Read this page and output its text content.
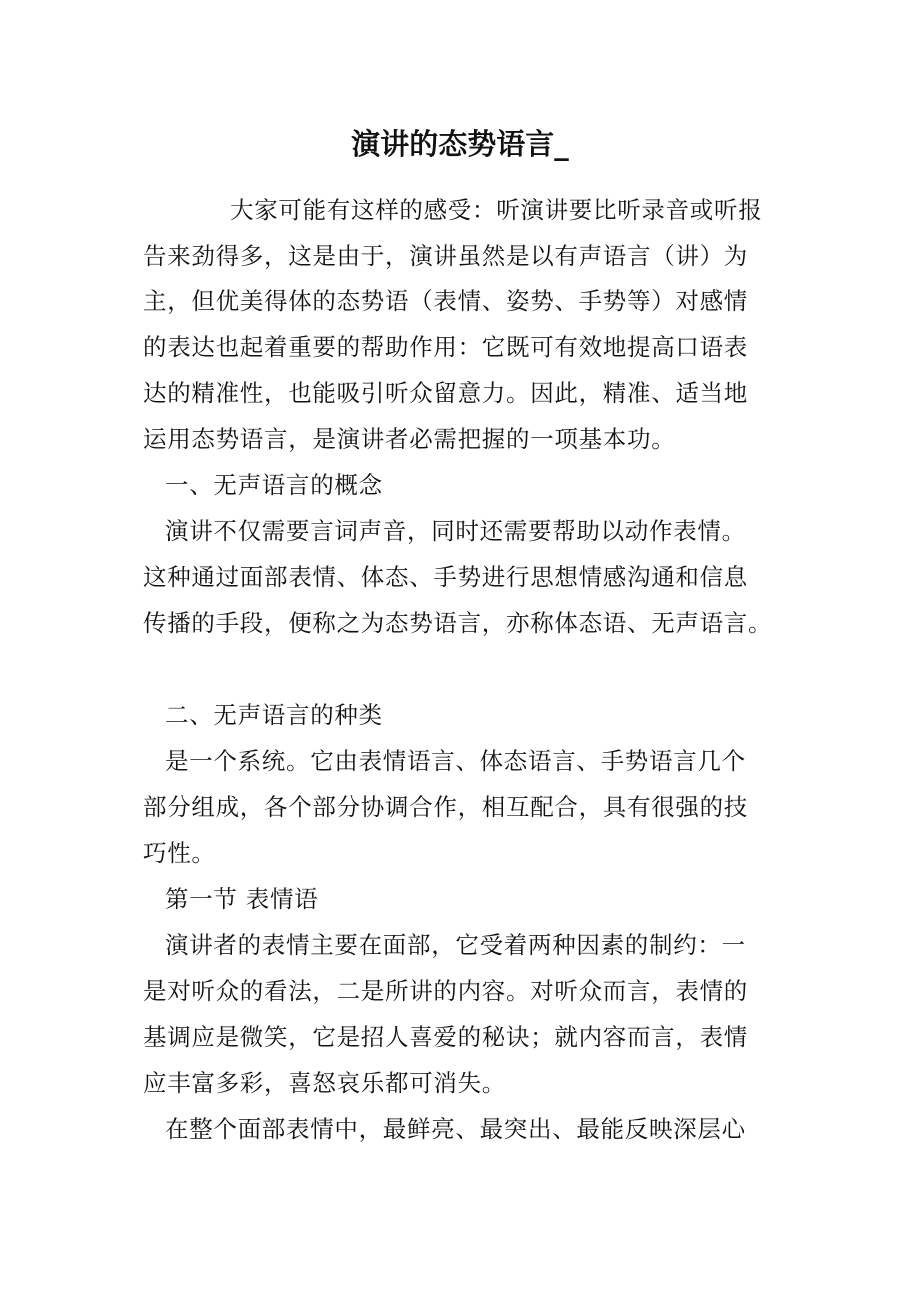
演讲的态势语言_
大家可能有这样的感受：听演讲要比听录音或听报
告来劲得多，这是由于，演讲虽然是以有声语言（讲）为
主，但优美得体的态势语（表情、姿势、手势等）对感情
的表达也起着重要的帮助作用：它既可有效地提高口语表
达的精准性，也能吸引听众留意力。因此，精准、适当地
运用态势语言，是演讲者必需把握的一项基本功。
一、无声语言的概念
演讲不仅需要言词声音，同时还需要帮助以动作表情。
这种通过面部表情、体态、手势进行思想情感沟通和信息
传播的手段，便称之为态势语言，亦称体态语、无声语言。
二、无声语言的种类
是一个系统。它由表情语言、体态语言、手势语言几个
部分组成，各个部分协调合作，相互配合，具有很强的技
巧性。
第一节 表情语
演讲者的表情主要在面部，它受着两种因素的制约：一
是对听众的看法，二是所讲的内容。对听众而言，表情的
基调应是微笑，它是招人喜爱的秘诀；就内容而言，表情
应丰富多彩，喜怒哀乐都可消失。
在整个面部表情中，最鲜亮、最突出、最能反映深层心
